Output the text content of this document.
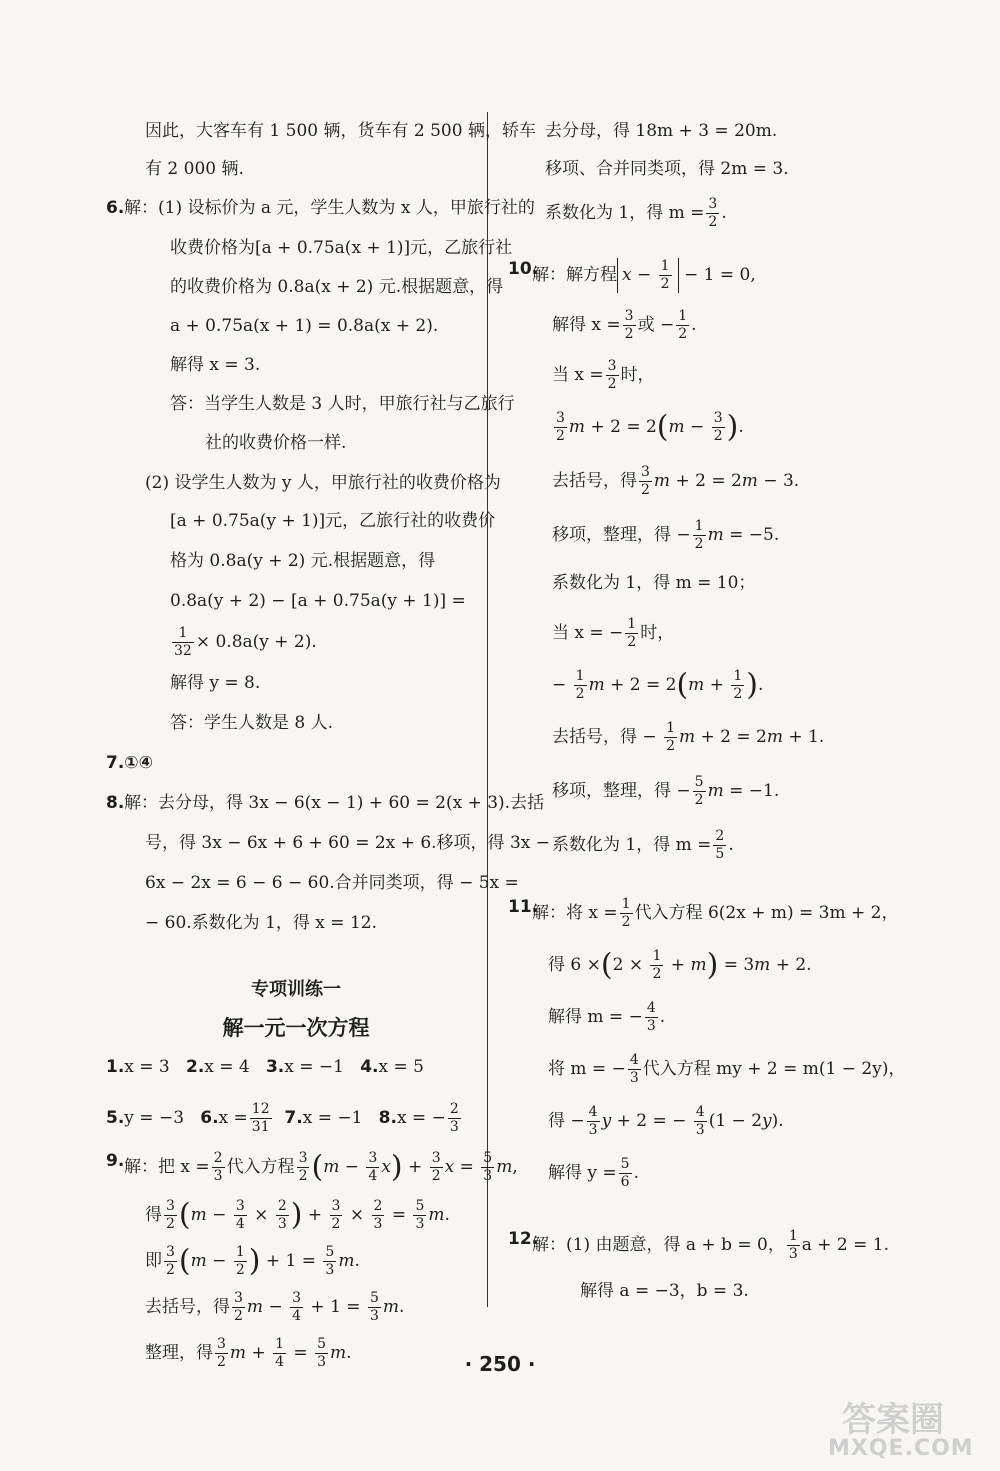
因此，大客车有 1 500 辆，货车有 2 500 辆，轿车
有 2 000 辆.
6. 解：(1) 设标价为 a 元，学生人数为 x 人，甲旅行社的
收费价格为[a + 0.75a(x + 1)]元，乙旅行社
的收费价格为 0.8a(x + 2) 元.根据题意，得
a + 0.75a(x + 1) = 0.8a(x + 2).
解得 x = 3.
答：当学生人数是 3 人时，甲旅行社与乙旅行
社的收费价格一样.
(2) 设学生人数为 y 人，甲旅行社的收费价格为
[a + 0.75a(y + 1)]元，乙旅行社的收费价
格为 0.8a(y + 2) 元.根据题意，得
0.8a(y + 2) − [a + 0.75a(y + 1)] =
$\frac{1}{32} \times 0.8a(y + 2)$.
解得 y = 8.
答：学生人数是 8 人.
7.①④
8. 解：去分母，得 3x − 6(x − 1) + 60 = 2(x + 3).去括
号，得 3x − 6x + 6 + 60 = 2x + 6.移项，得 3x −
6x − 2x = 6 − 6 − 60.合并同类项，得 − 5x =
− 60.系数化为 1，得 x = 12.
专项训练一
解一元一次方程
1.x = 3 2.x = 4 3.x = −1 4.x = 5
5.y = −3 $6.x = \frac{12}{31} 7.x = -1$ 8.x = − $\frac{2}{3}$
9. 解：把 $x = \frac{2}{3}$ 代入方程 $\frac{3}{2} (m - \frac{3}{4} x) + \frac{3}{2}$ $x = \frac{5}{3} m$,
得 $\frac{3}{2} (m - \frac{3}{4} \times \frac{2}{3}$ ) + $\frac{3}{2} \times \frac{2}{3} = \frac{5}{3} m$.
即 $\frac{3}{2} (m - \frac{1}{2}$ ) + $1 = \frac{5}{3} m$.
去括号，得 $\frac{3}{2}$ $m - \frac{3}{4} + 1 = \frac{5}{3} m$.
整理，得 $\frac{3}{2}$ $m + \frac{1}{4} = \frac{5}{3} m$.
去分母，得 18m + 3 = 20m.
移项、合并同类项，得 2m = 3.
系数化为 1，得 $m = \frac{3}{2}$ .
10.
解：解方程 $x - \frac{1}{2} - 1 = 0$,
解得 $x = \frac{3}{2}$ 或 − $\frac{1}{2}$ .
当 $x = \frac{3}{2}$ 时，
$\frac{3}{2}$ $m + 2 = 2(m - \frac{3}{2}$ ).
去括号，得 $\frac{3}{2}$ m + 2 = 2m − 3.
移项，整理，得 − $\frac{1}{2}$ m = −5.
系数化为 1，得 m = 10；
当 x = − $\frac{1}{2}$ 时，
− $\frac{1}{2}$ $m + 2 = 2(m + \frac{1}{2}$ ).
去括号，得 − $\frac{1}{2}$ m + 2 = 2m + 1.
移项，整理，得 − $\frac{5}{2}$ m = −1.
系数化为 1，得 $m = \frac{2}{5}$ .
11.
解：将 $x = \frac{1}{2}$ 代入方程 6(2x + m) = 3m + 2，
得 $6 \times(2 \times \frac{1}{2} + m) = 3m + 2$.
解得 m = − $\frac{4}{3}$ .
将 m = − $\frac{4}{3}$ 代入方程 my + 2 = m(1 − 2y)，
得 − $\frac{4}{3}$ y + 2 = − $\frac{4}{3} (1 - 2y)$.
解得 $y = \frac{5}{6}$ .
12.
解：(1) 由题意，得 a + b = 0， $\frac{1}{3}$ a + 2 = 1.
解得 a = −3，b = 3.
· 250 ·
答案圈
MXQE.COM
